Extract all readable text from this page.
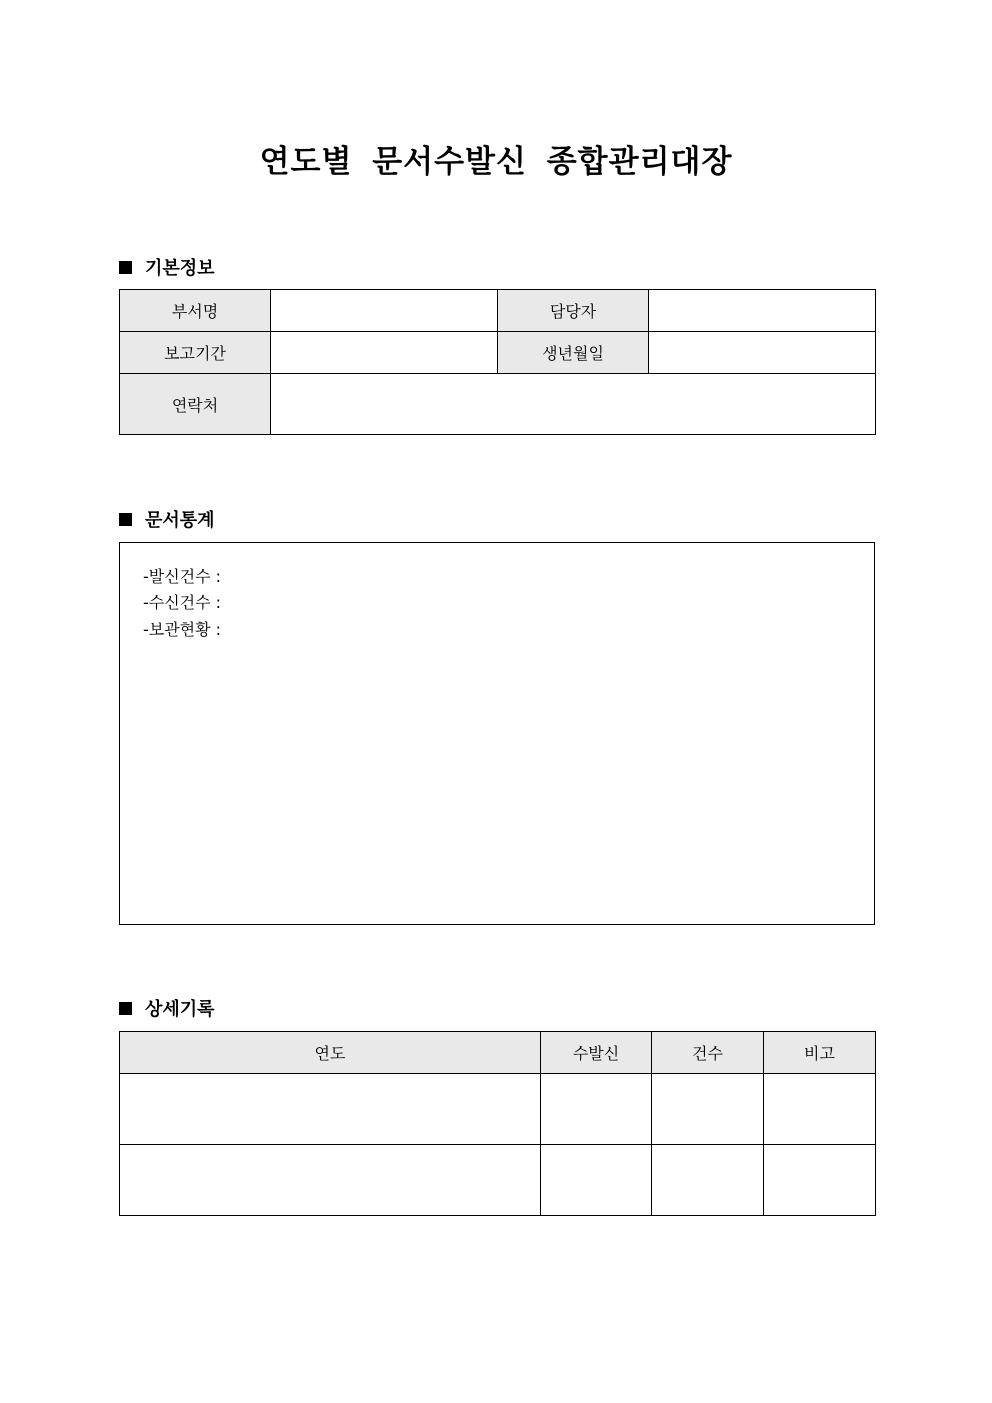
연도별 문서수발신 종합관리대장
기본정보
부서명		담당자	
보고기간		생년월일	
연락처			
문서통계
-발신건수 :
-수신건수 :
-보관현황 :
상세기록
연도	수발신	건수	비고
